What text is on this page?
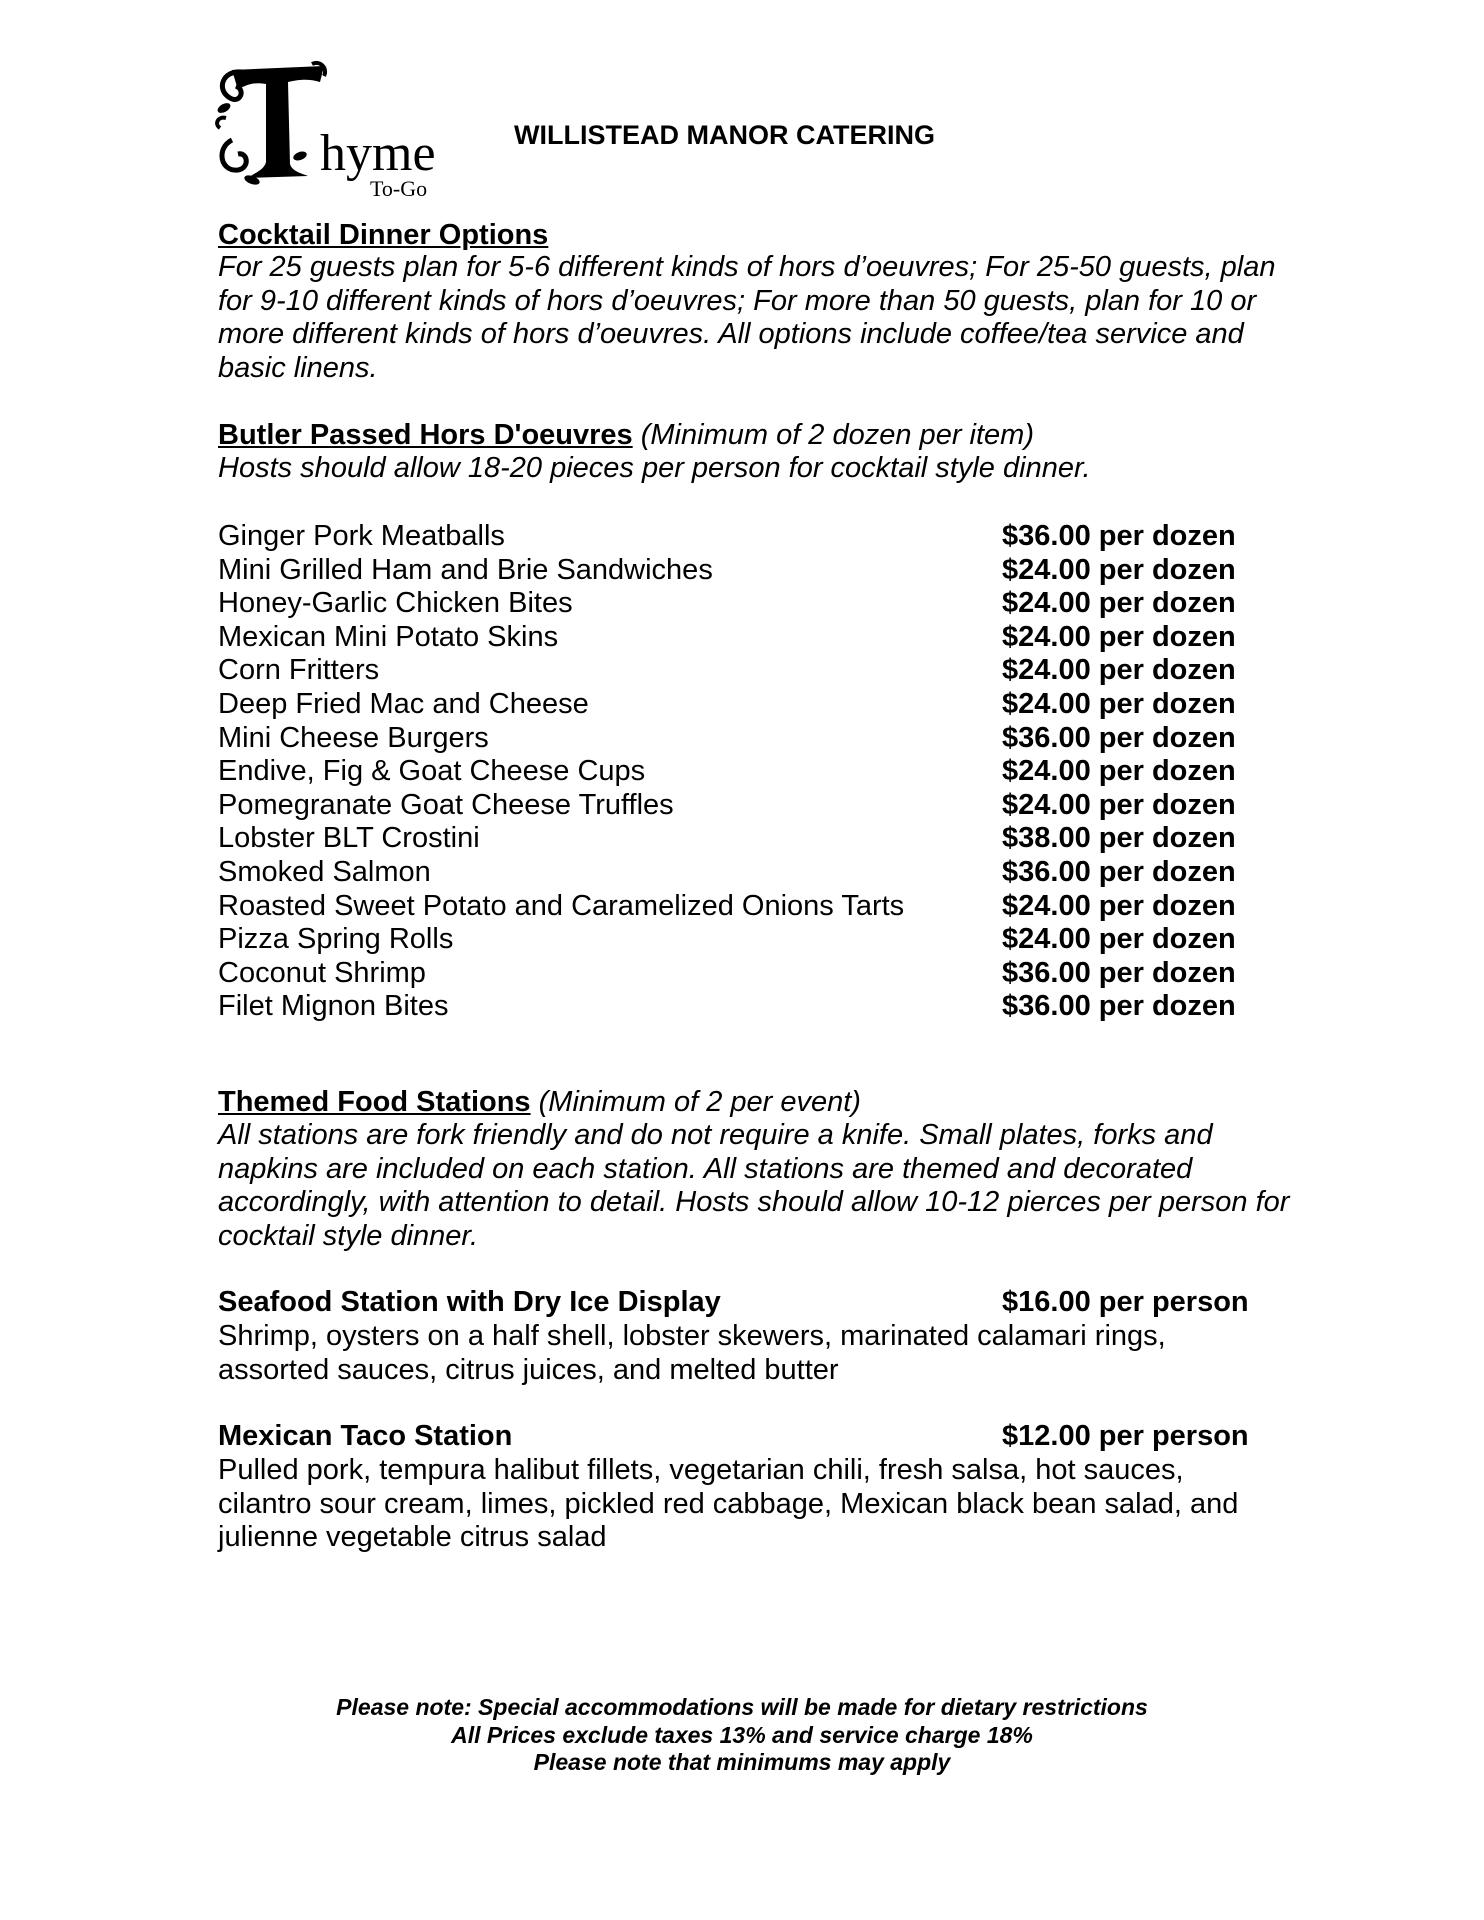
hyme
To-Go
WILLISTEAD MANOR CATERING
Cocktail Dinner Options
For 25 guests plan for 5-6 different kinds of hors d’oeuvres; For 25-50 guests, plan for 9-10 different kinds of hors d’oeuvres; For more than 50 guests, plan for 10 or more different kinds of hors d’oeuvres. All options include coffee/tea service and basic linens.
Butler Passed Hors D'oeuvres (Minimum of 2 dozen per item)
Hosts should allow 18-20 pieces per person for cocktail style dinner.
Ginger Pork Meatballs	$36.00 per dozen
Mini Grilled Ham and Brie Sandwiches	$24.00 per dozen
Honey-Garlic Chicken Bites	$24.00 per dozen
Mexican Mini Potato Skins	$24.00 per dozen
Corn Fritters	$24.00 per dozen
Deep Fried Mac and Cheese	$24.00 per dozen
Mini Cheese Burgers	$36.00 per dozen
Endive, Fig & Goat Cheese Cups	$24.00 per dozen
Pomegranate Goat Cheese Truffles	$24.00 per dozen
Lobster BLT Crostini	$38.00 per dozen
Smoked Salmon	$36.00 per dozen
Roasted Sweet Potato and Caramelized Onions Tarts	$24.00 per dozen
Pizza Spring Rolls	$24.00 per dozen
Coconut Shrimp	$36.00 per dozen
Filet Mignon Bites	$36.00 per dozen
Themed Food Stations (Minimum of 2 per event)
All stations are fork friendly and do not require a knife. Small plates, forks and napkins are included on each station. All stations are themed and decorated accordingly, with attention to detail. Hosts should allow 10-12 pierces per person for cocktail style dinner.
Seafood Station with Dry Ice Display	$16.00 per person
Shrimp, oysters on a half shell, lobster skewers, marinated calamari rings, assorted sauces, citrus juices, and melted butter
Mexican Taco Station	$12.00 per person
Pulled pork, tempura halibut fillets, vegetarian chili, fresh salsa, hot sauces, cilantro sour cream, limes, pickled red cabbage, Mexican black bean salad, and julienne vegetable citrus salad
Please note: Special accommodations will be made for dietary restrictions
All Prices exclude taxes 13% and service charge 18%
Please note that minimums may apply
